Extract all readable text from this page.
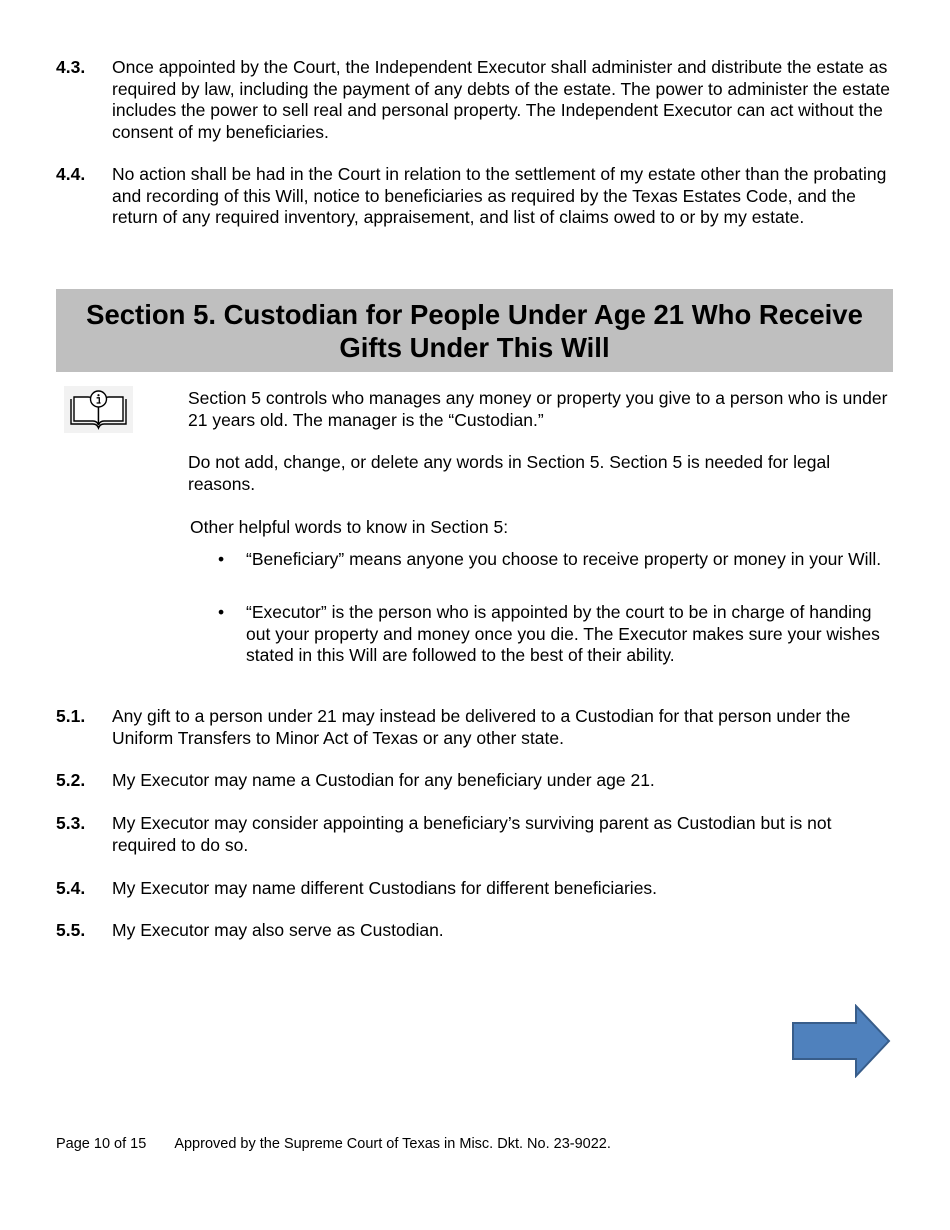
4.3. Once appointed by the Court, the Independent Executor shall administer and distribute the estate as required by law, including the payment of any debts of the estate. The power to administer the estate includes the power to sell real and personal property. The Independent Executor can act without the consent of my beneficiaries.
4.4. No action shall be had in the Court in relation to the settlement of my estate other than the probating and recording of this Will, notice to beneficiaries as required by the Texas Estates Code, and the return of any required inventory, appraisement, and list of claims owed to or by my estate.
Section 5. Custodian for People Under Age 21 Who Receive
Gifts Under This Will
Section 5 controls who manages any money or property you give to a person who is under 21 years old. The manager is the “Custodian.”
Do not add, change, or delete any words in Section 5. Section 5 is needed for legal reasons.
Other helpful words to know in Section 5:
• “Beneficiary” means anyone you choose to receive property or money in your Will.
• “Executor” is the person who is appointed by the court to be in charge of handing out your property and money once you die. The Executor makes sure your wishes stated in this Will are followed to the best of their ability.
5.1. Any gift to a person under 21 may instead be delivered to a Custodian for that person under the Uniform Transfers to Minor Act of Texas or any other state.
5.2. My Executor may name a Custodian for any beneficiary under age 21.
5.3. My Executor may consider appointing a beneficiary’s surviving parent as Custodian but is not required to do so.
5.4. My Executor may name different Custodians for different beneficiaries.
5.5. My Executor may also serve as Custodian.
Page 10 of 15 Approved by the Supreme Court of Texas in Misc. Dkt. No. 23-9022.
